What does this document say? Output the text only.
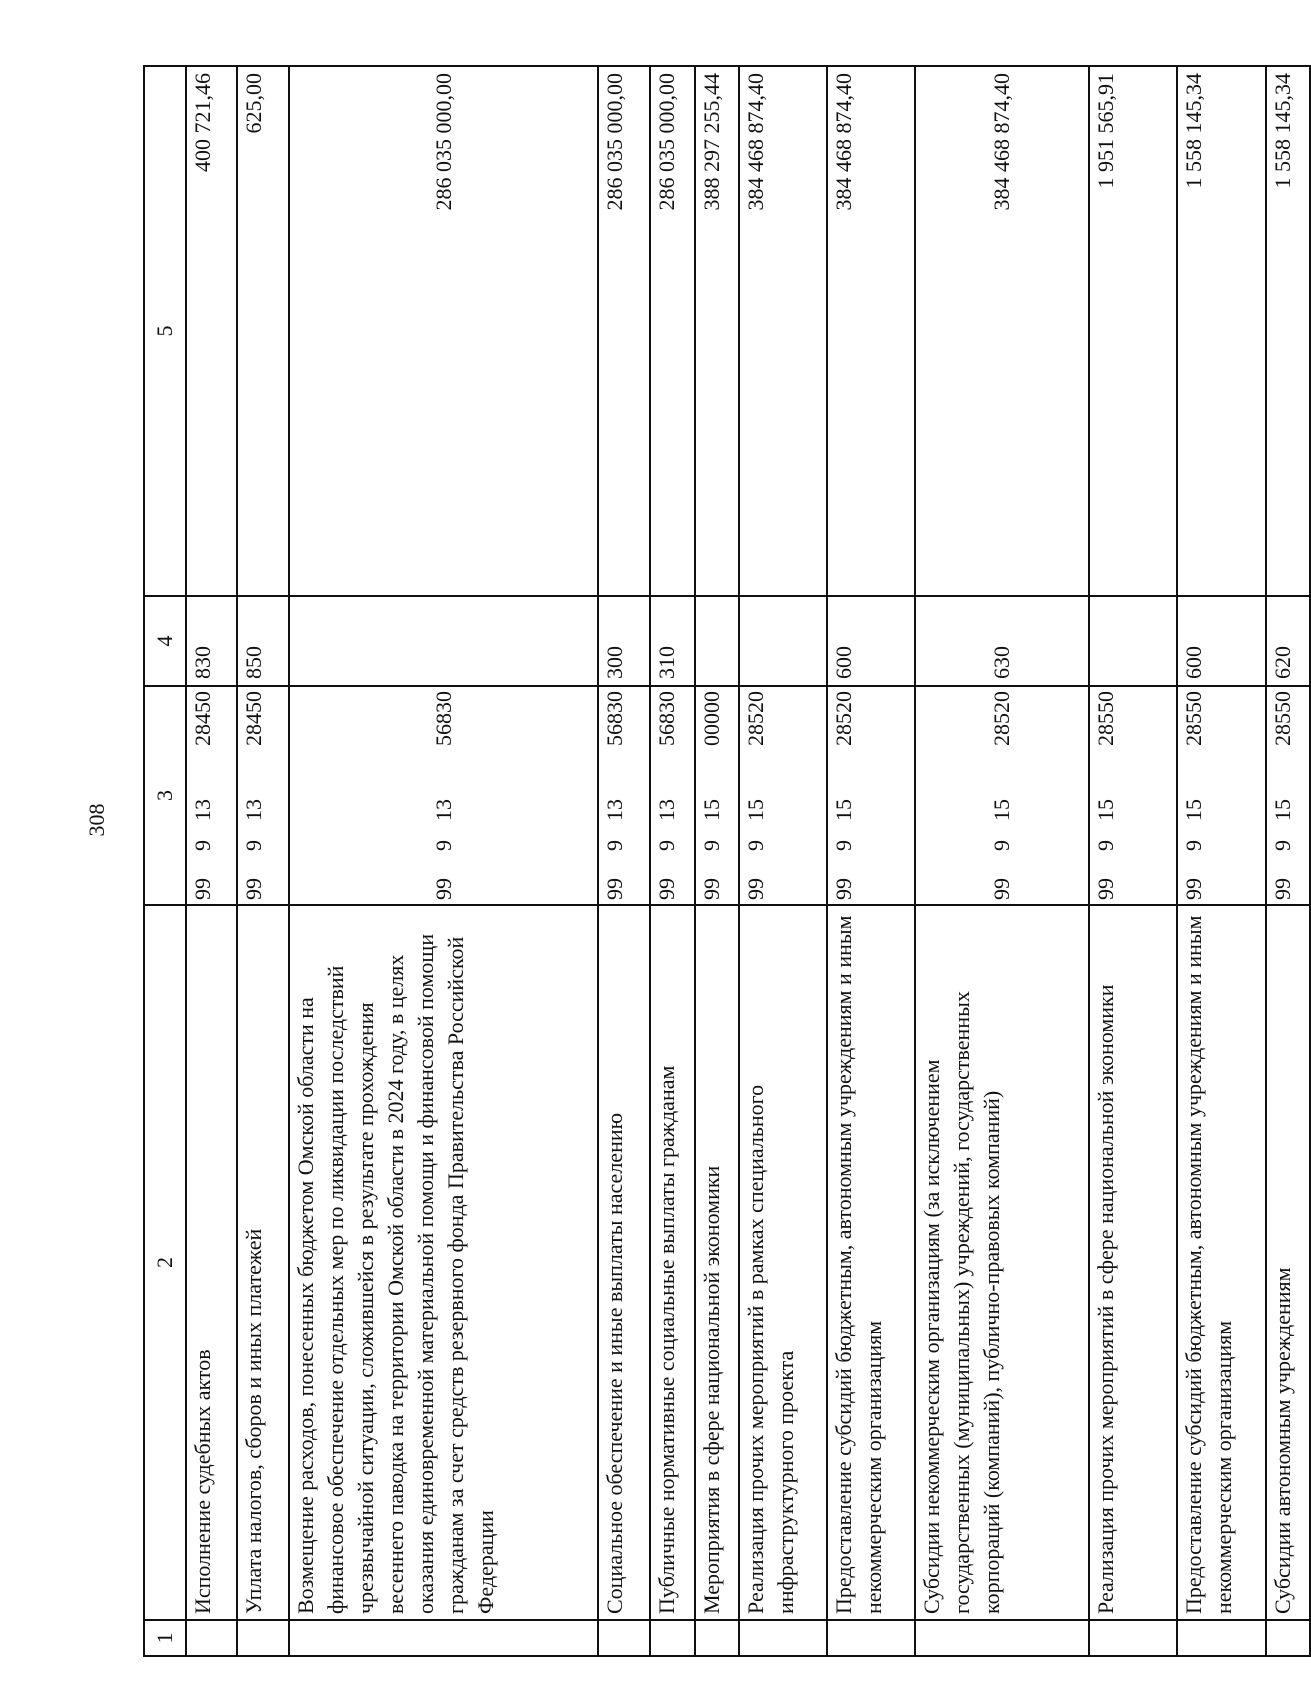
308
1	2	3				4	5
	Исполнение судебных актов	99	9	13	28450	830	400 721,46
	Уплата налогов, сборов и иных платежей	99	9	13	28450	850	625,00
	Возмещение расходов, понесенных бюджетом Омской области на финансовое обеспечение отдельных мер по ликвидации последствий чрезвычайной ситуации, сложившейся в результате прохождения весеннего паводка на территории Омской области в 2024 году, в целях оказания единовременной материальной помощи и финансовой помощи гражданам за счет средств резервного фонда Правительства Российской Федерации	99	9	13	56830		286 035 000,00
	Социальное обеспечение и иные выплаты населению	99	9	13	56830	300	286 035 000,00
	Публичные нормативные социальные выплаты гражданам	99	9	13	56830	310	286 035 000,00
	Мероприятия в сфере национальной экономики	99	9	15	00000		388 297 255,44
	Реализация прочих мероприятий в рамках специального инфраструктурного проекта	99	9	15	28520		384 468 874,40
	Предоставление субсидий бюджетным, автономным учреждениям и иным некоммерческим организациям	99	9	15	28520	600	384 468 874,40
	Субсидии некоммерческим организациям (за исключением государственных (муниципальных) учреждений, государственных корпораций (компаний), публично-правовых компаний)	99	9	15	28520	630	384 468 874,40
	Реализация прочих мероприятий в сфере национальной экономики	99	9	15	28550		1 951 565,91
	Предоставление субсидий бюджетным, автономным учреждениям и иным некоммерческим организациям	99	9	15	28550	600	1 558 145,34
	Субсидии автономным учреждениям	99	9	15	28550	620	1 558 145,34
